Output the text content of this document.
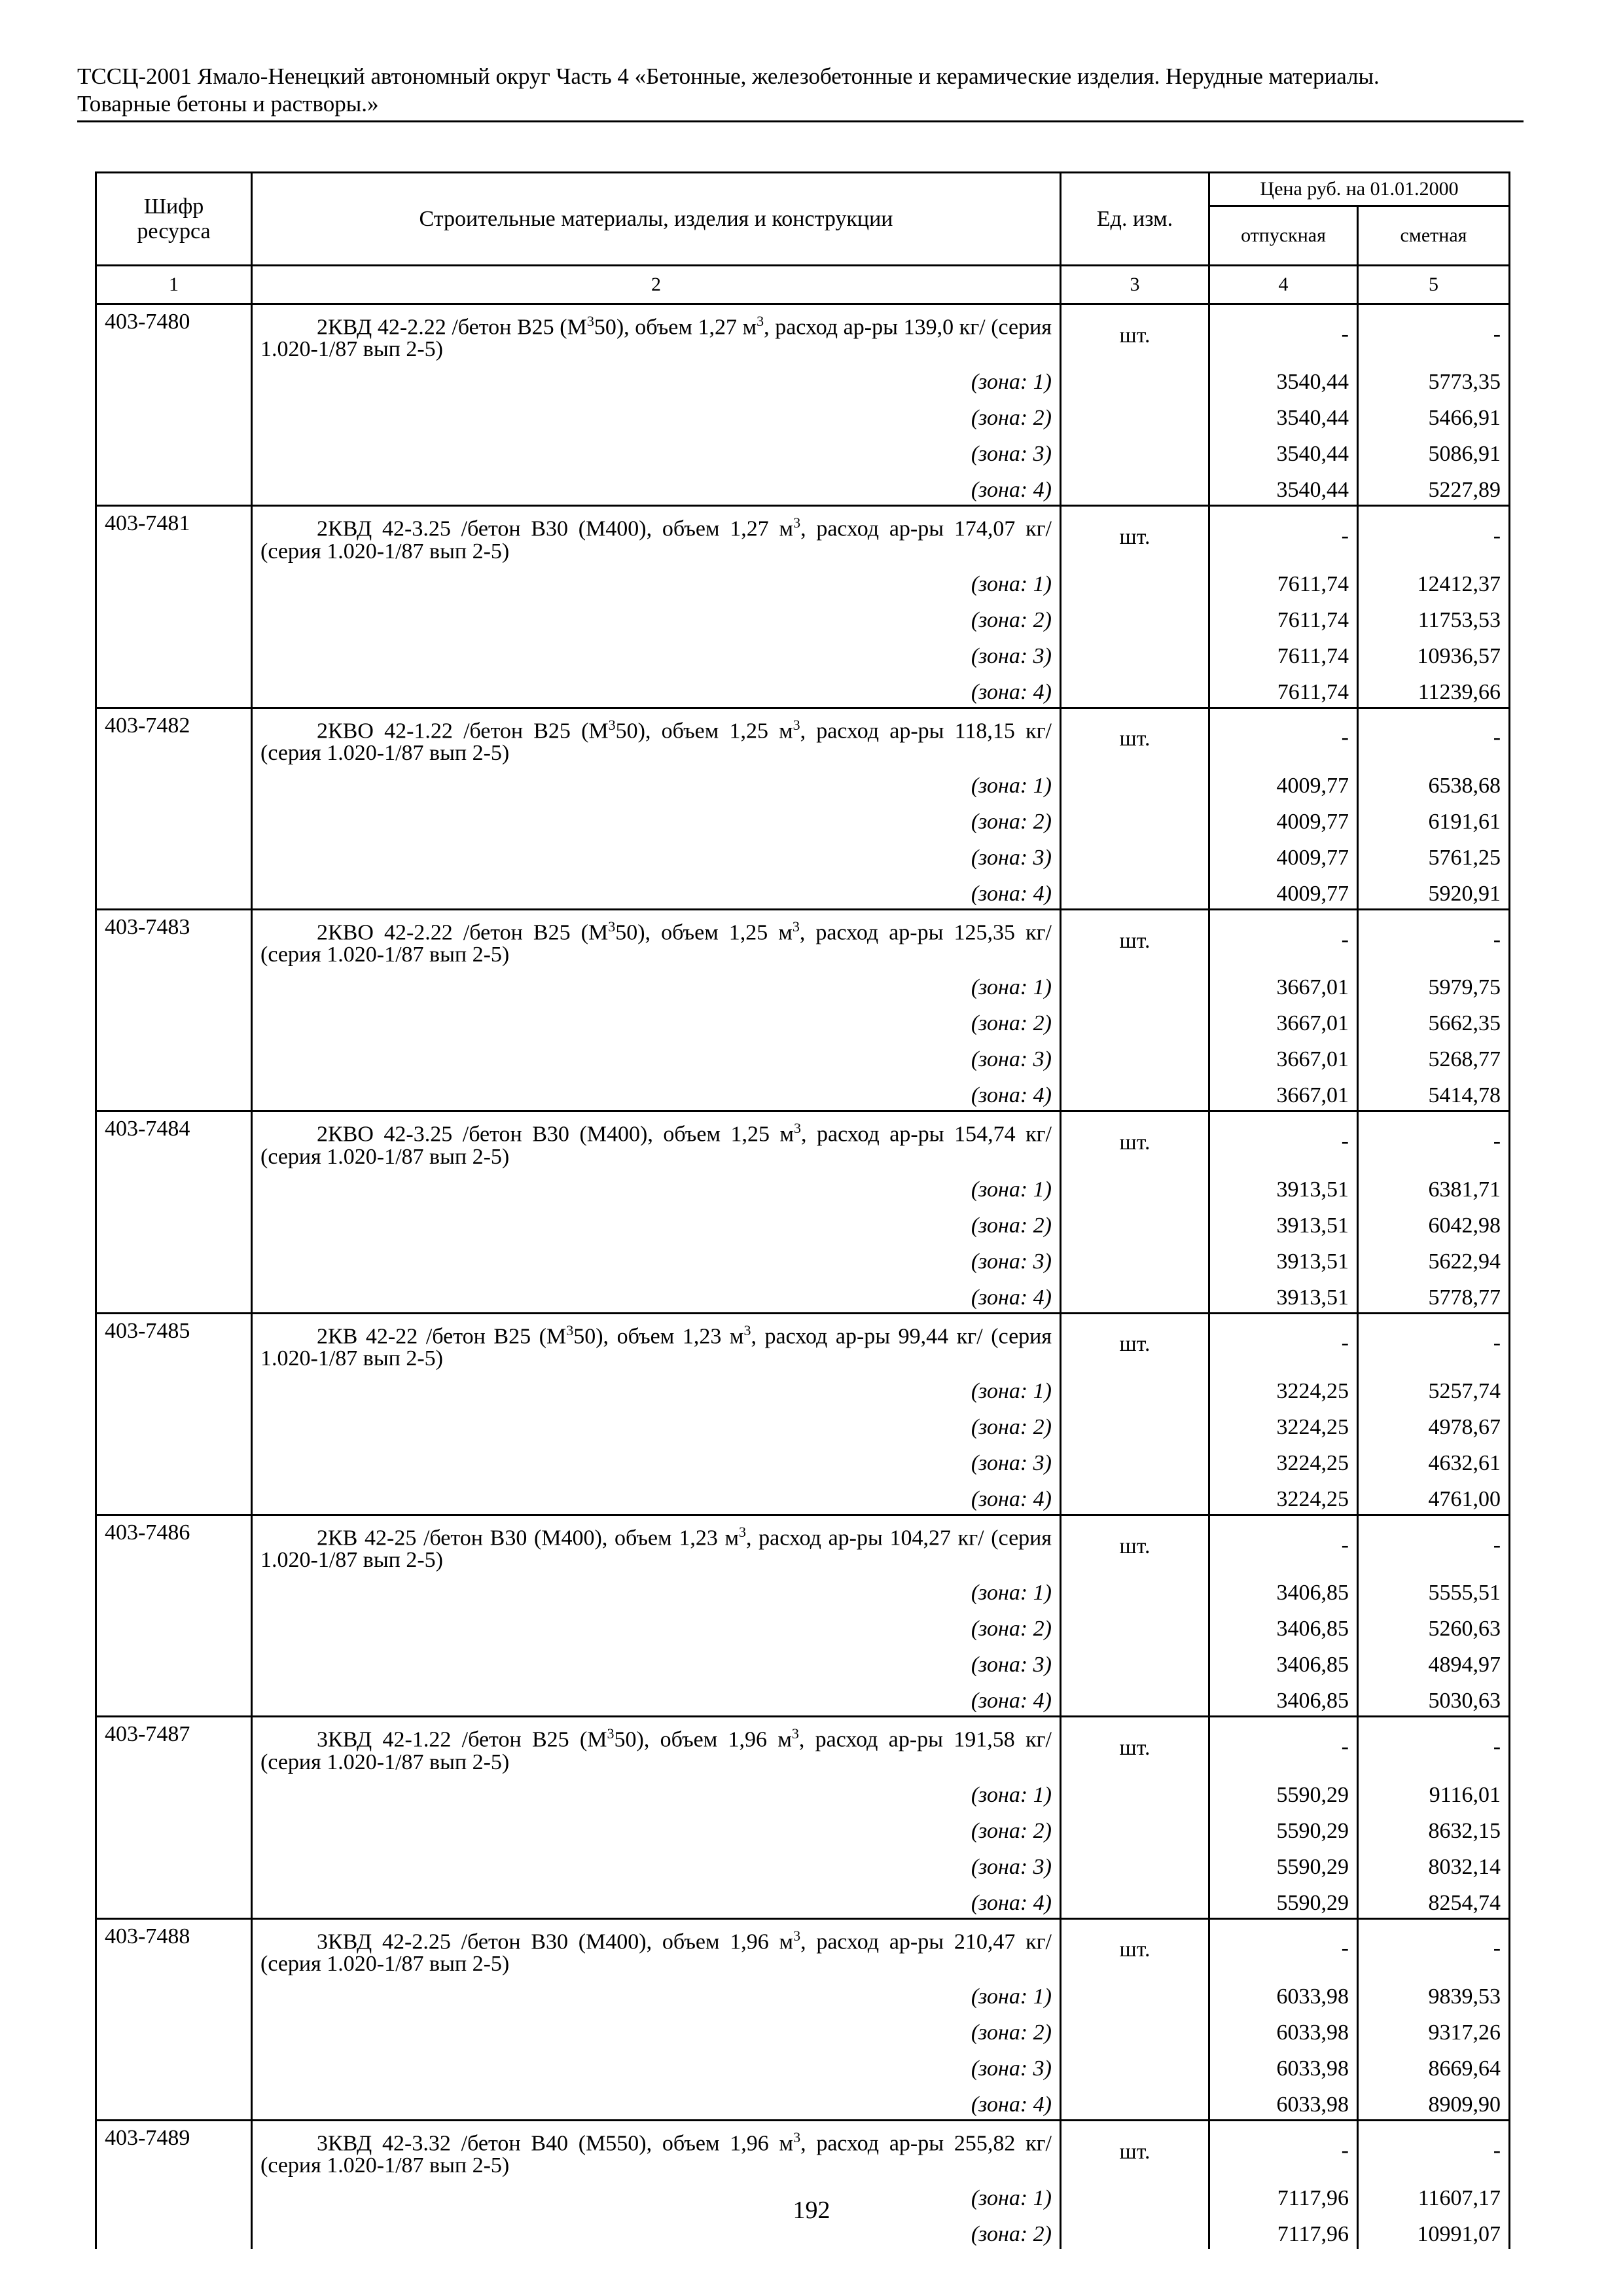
ТССЦ-2001 Ямало-Ненецкий автономный округ Часть 4 «Бетонные, железобетонные и керамические изделия. Нерудные материалы.
Товарные бетоны и растворы.»
Шифр ресурса	Строительные материалы, изделия и конструкции	Ед. изм.	Цена руб. на 01.01.2000	
			отпускная	сметная
1	2	3	4	5
403-7480	2КВД 42-2.22 /бетон В25 $(М^350)$, объем 1,27 $м^3$, расход ар-ры 139,0 кг/ (серия 1.020-1/87 вып 2-5)	шт.	-	-
	(зона: 1)		3540,44	5773,35
	(зона: 2)		3540,44	5466,91
	(зона: 3)		3540,44	5086,91
	(зона: 4)		3540,44	5227,89
403-7481	2КВД 42-3.25 /бетон В30 (М400), объем 1,27 $м^3$, расход ар-ры 174,07 кг/ (серия 1.020-1/87 вып 2-5)	шт.	-	-
	(зона: 1)		7611,74	12412,37
	(зона: 2)		7611,74	11753,53
	(зона: 3)		7611,74	10936,57
	(зона: 4)		7611,74	11239,66
403-7482	2КВО 42-1.22 /бетон В25 $(М^350)$, объем 1,25 $м^3$, расход ар-ры 118,15 кг/ (серия 1.020-1/87 вып 2-5)	шт.	-	-
	(зона: 1)		4009,77	6538,68
	(зона: 2)		4009,77	6191,61
	(зона: 3)		4009,77	5761,25
	(зона: 4)		4009,77	5920,91
403-7483	2КВО 42-2.22 /бетон В25 $(М^350)$, объем 1,25 $м^3$, расход ар-ры 125,35 кг/ (серия 1.020-1/87 вып 2-5)	шт.	-	-
	(зона: 1)		3667,01	5979,75
	(зона: 2)		3667,01	5662,35
	(зона: 3)		3667,01	5268,77
	(зона: 4)		3667,01	5414,78
403-7484	2КВО 42-3.25 /бетон В30 (М400), объем 1,25 $м^3$, расход ар-ры 154,74 кг/ (серия 1.020-1/87 вып 2-5)	шт.	-	-
	(зона: 1)		3913,51	6381,71
	(зона: 2)		3913,51	6042,98
	(зона: 3)		3913,51	5622,94
	(зона: 4)		3913,51	5778,77
403-7485	2КВ 42-22 /бетон В25 $(М^350)$, объем 1,23 $м^3$, расход ар-ры 99,44 кг/ (серия 1.020-1/87 вып 2-5)	шт.	-	-
	(зона: 1)		3224,25	5257,74
	(зона: 2)		3224,25	4978,67
	(зона: 3)		3224,25	4632,61
	(зона: 4)		3224,25	4761,00
403-7486	2КВ 42-25 /бетон В30 (М400), объем 1,23 $м^3$, расход ар-ры 104,27 кг/ (серия 1.020-1/87 вып 2-5)	шт.	-	-
	(зона: 1)		3406,85	5555,51
	(зона: 2)		3406,85	5260,63
	(зона: 3)		3406,85	4894,97
	(зона: 4)		3406,85	5030,63
403-7487	3КВД 42-1.22 /бетон В25 $(М^350)$, объем 1,96 $м^3$, расход ар-ры 191,58 кг/ (серия 1.020-1/87 вып 2-5)	шт.	-	-
	(зона: 1)		5590,29	9116,01
	(зона: 2)		5590,29	8632,15
	(зона: 3)		5590,29	8032,14
	(зона: 4)		5590,29	8254,74
403-7488	3КВД 42-2.25 /бетон В30 (М400), объем 1,96 $м^3$, расход ар-ры 210,47 кг/ (серия 1.020-1/87 вып 2-5)	шт.	-	-
	(зона: 1)		6033,98	9839,53
	(зона: 2)		6033,98	9317,26
	(зона: 3)		6033,98	8669,64
	(зона: 4)		6033,98	8909,90
403-7489	3КВД 42-3.32 /бетон В40 (М550), объем 1,96 $м^3$, расход ар-ры 255,82 кг/ (серия 1.020-1/87 вып 2-5)	шт.	-	-
	(зона: 1)		7117,96	11607,17
	(зона: 2)		7117,96	10991,07
192
